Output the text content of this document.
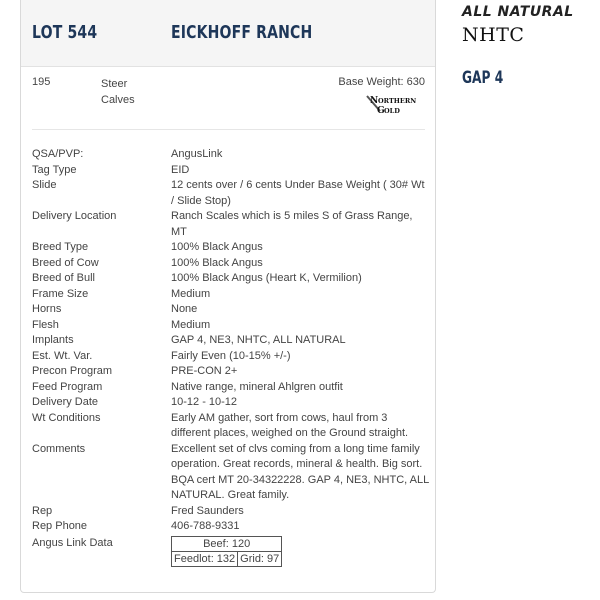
LOT 544	EICKHOFF RANCH
195	Steer Calves
Base Weight: 630
N ORTHERN
G OLD
QSA/PVP:	AngusLink
Tag Type	EID
Slide	12 cents over / 6 cents Under Base Weight ( 30# Wt / Slide Stop)
Delivery Location	Ranch Scales which is 5 miles S of Grass Range, MT
Breed Type	100% Black Angus
Breed of Cow	100% Black Angus
Breed of Bull	100% Black Angus (Heart K, Vermilion)
Frame Size	Medium
Horns	None
Flesh	Medium
Implants	GAP 4, NE3, NHTC, ALL NATURAL
Est. Wt. Var.	Fairly Even (10-15% +/-)
Precon Program	PRE-CON 2+
Feed Program	Native range, mineral Ahlgren outfit
Delivery Date	10-12 - 10-12
Wt Conditions	Early AM gather, sort from cows, haul from 3 different places, weighed on the Ground straight.
Comments	Excellent set of clvs coming from a long time family operation. Great records, mineral & health. Big sort. BQA cert MT 20-34322228. GAP 4, NE3, NHTC, ALL NATURAL. Great family.
Rep	Fred Saunders
Rep Phone	406-788-9331
Angus Link Data	Beef: 120
Feedlot: 132	Grid: 97
ALL NATURAL
NHTC
GAP 4
